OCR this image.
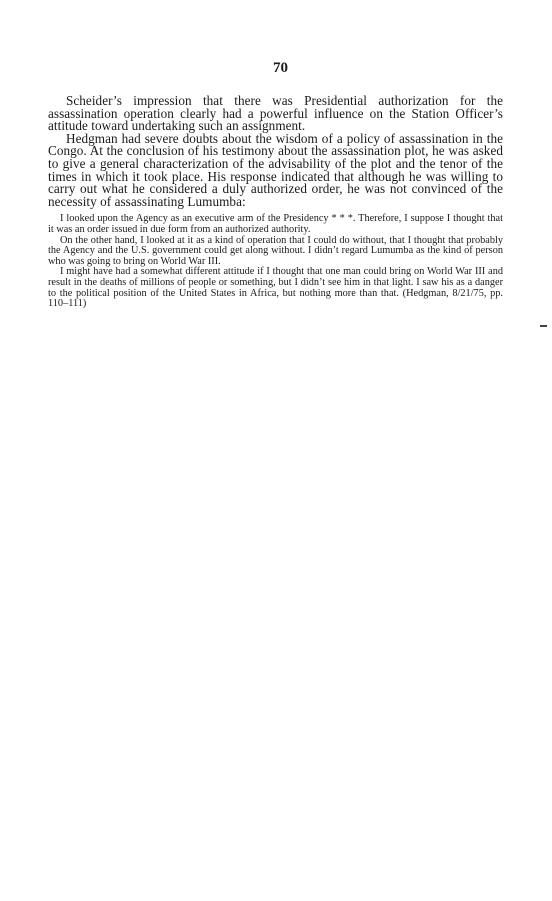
70

Scheider’s impression that there was Presidential authorization for the assassination operation clearly had a powerful influence on the Station Officer’s attitude toward undertaking such an assignment.

Hedgman had severe doubts about the wisdom of a policy of assassination in the Congo. At the conclusion of his testimony about the assassination plot, he was asked to give a general characterization of the advisability of the plot and the tenor of the times in which it took place. His response indicated that although he was willing to carry out what he considered a duly authorized order, he was not convinced of the necessity of assassinating Lumumba:

I looked upon the Agency as an executive arm of the Presidency * * *. Therefore, I suppose I thought that it was an order issued in due form from an authorized authority.

On the other hand, I looked at it as a kind of operation that I could do without, that I thought that probably the Agency and the U.S. government could get along without. I didn’t regard Lumumba as the kind of person who was going to bring on World War III.

I might have had a somewhat different attitude if I thought that one man could bring on World War III and result in the deaths of millions of people or something, but I didn’t see him in that light. I saw his as a danger to the political position of the United States in Africa, but nothing more than that. (Hedgman, 8/21/75, pp. 110–111)
